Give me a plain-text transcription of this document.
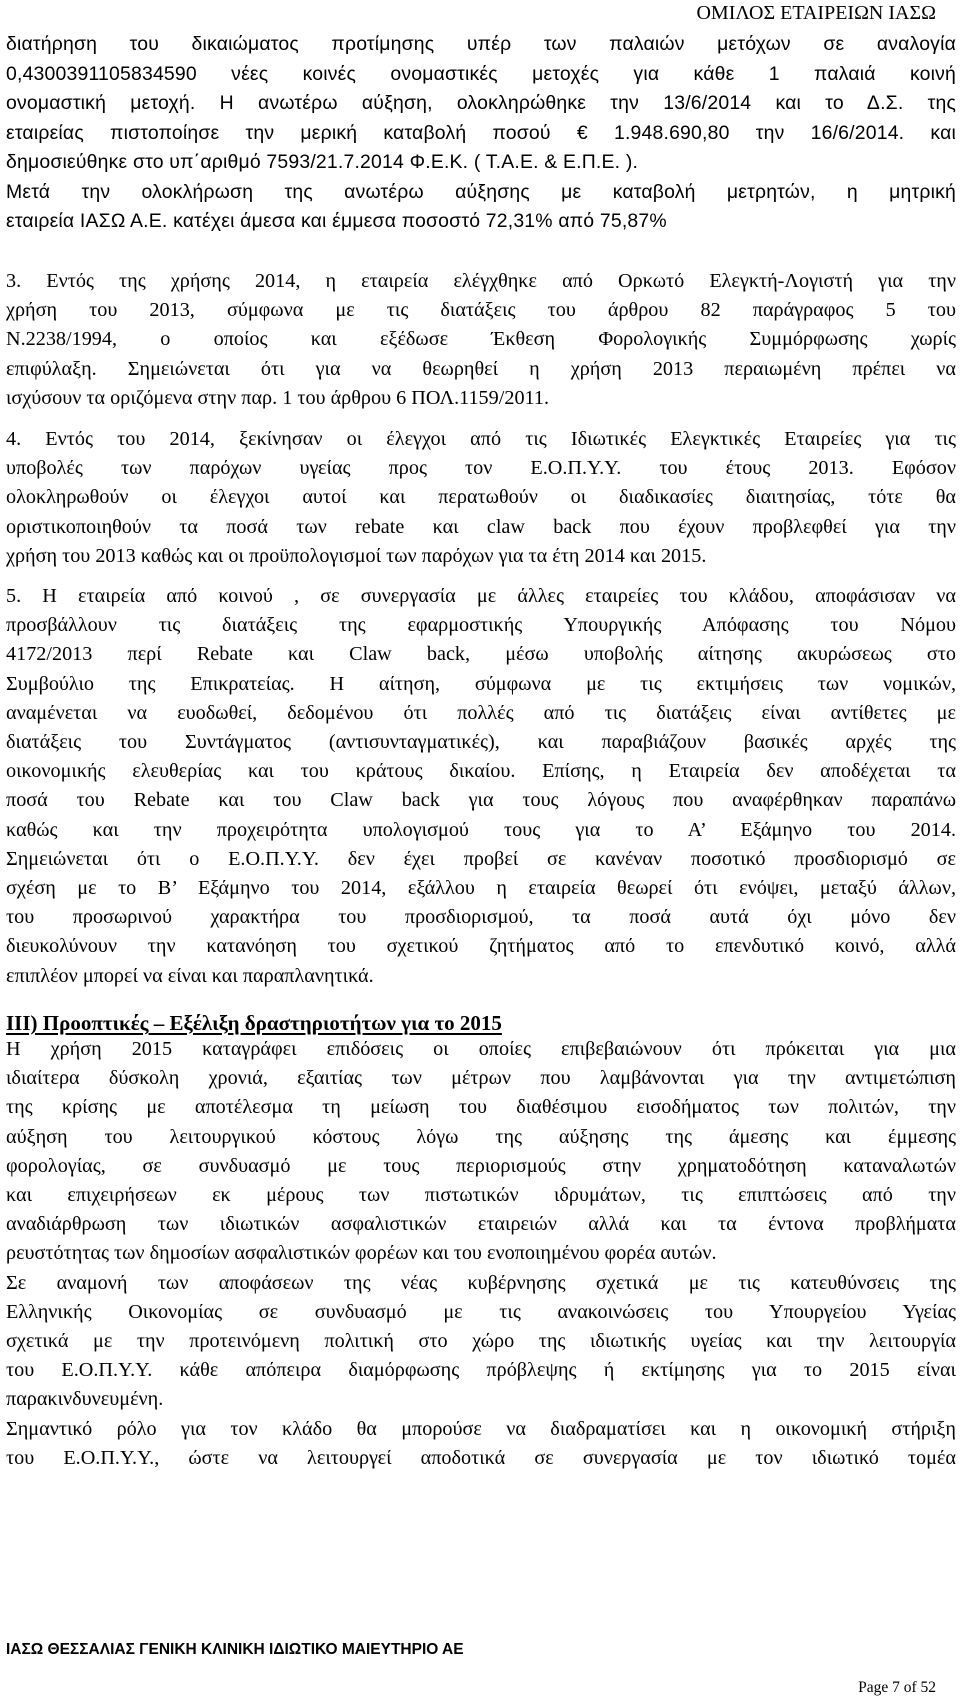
ΟΜΙΛΟΣ ΕΤΑΙΡΕΙΩΝ ΙΑΣΩ
διατήρηση του δικαιώματος προτίμησης υπέρ των παλαιών μετόχων σε αναλογία
0,4300391105834590 νέες κοινές ονομαστικές μετοχές για κάθε 1 παλαιά κοινή
ονομαστική μετοχή. Η ανωτέρω αύξηση, ολοκληρώθηκε την 13/6/2014 και το Δ.Σ. της
εταιρείας πιστοποίησε την μερική καταβολή ποσού € 1.948.690,80 την 16/6/2014. και
δημοσιεύθηκε στο υπ΄αριθμό 7593/21.7.2014 Φ.Ε.Κ. ( Τ.Α.Ε. & Ε.Π.Ε. ).
Μετά την ολοκλήρωση της ανωτέρω αύξησης με καταβολή μετρητών, η μητρική
εταιρεία ΙΑΣΩ Α.Ε. κατέχει άμεσα και έμμεσα ποσοστό 72,31% από 75,87%
3. Εντός της χρήσης 2014, η εταιρεία ελέγχθηκε από Ορκωτό Ελεγκτή-Λογιστή για την
χρήση του 2013, σύμφωνα με τις διατάξεις του άρθρου 82 παράγραφος 5 του
Ν.2238/1994, ο οποίος και εξέδωσε Έκθεση Φορολογικής Συμμόρφωσης χωρίς
επιφύλαξη. Σημειώνεται ότι για να θεωρηθεί η χρήση 2013 περαιωμένη πρέπει να
ισχύσουν τα οριζόμενα στην παρ. 1 του άρθρου 6 ΠΟΛ.1159/2011.
4. Εντός του 2014, ξεκίνησαν οι έλεγχοι από τις Ιδιωτικές Ελεγκτικές Εταιρείες για τις
υποβολές των παρόχων υγείας προς τον Ε.Ο.Π.Υ.Υ. του έτους 2013. Εφόσον
ολοκληρωθούν οι έλεγχοι αυτοί και περατωθούν οι διαδικασίες διαιτησίας, τότε θα
οριστικοποιηθούν τα ποσά των rebate και claw back που έχουν προβλεφθεί για την
χρήση του 2013 καθώς και οι προϋπολογισμοί των παρόχων για τα έτη 2014 και 2015.
5. Η εταιρεία από κοινού , σε συνεργασία με άλλες εταιρείες του κλάδου, αποφάσισαν να
προσβάλλουν τις διατάξεις της εφαρμοστικής Υπουργικής Απόφασης του Νόμου
4172/2013 περί Rebate και Claw back, μέσω υποβολής αίτησης ακυρώσεως στο
Συμβούλιο της Επικρατείας. Η αίτηση, σύμφωνα με τις εκτιμήσεις των νομικών,
αναμένεται να ευοδωθεί, δεδομένου ότι πολλές από τις διατάξεις είναι αντίθετες με
διατάξεις του Συντάγματος (αντισυνταγματικές), και παραβιάζουν βασικές αρχές της
οικονομικής ελευθερίας και του κράτους δικαίου. Επίσης, η Εταιρεία δεν αποδέχεται τα
ποσά του Rebate και του Claw back για τους λόγους που αναφέρθηκαν παραπάνω
καθώς και την προχειρότητα υπολογισμού τους για το Α’ Εξάμηνο του 2014.
Σημειώνεται ότι ο Ε.Ο.Π.Υ.Υ. δεν έχει προβεί σε κανέναν ποσοτικό προσδιορισμό σε
σχέση με το Β’ Εξάμηνο του 2014, εξάλλου η εταιρεία θεωρεί ότι ενόψει, μεταξύ άλλων,
του προσωρινού χαρακτήρα του προσδιορισμού, τα ποσά αυτά όχι μόνο δεν
διευκολύνουν την κατανόηση του σχετικού ζητήματος από το επενδυτικό κοινό, αλλά
επιπλέον μπορεί να είναι και παραπλανητικά.
ΙΙΙ) Προοπτικές – Εξέλιξη δραστηριοτήτων για το 2015
Η χρήση 2015 καταγράφει επιδόσεις οι οποίες επιβεβαιώνουν ότι πρόκειται για μια
ιδιαίτερα δύσκολη χρονιά, εξαιτίας των μέτρων που λαμβάνονται για την αντιμετώπιση
της κρίσης με αποτέλεσμα τη μείωση του διαθέσιμου εισοδήματος των πολιτών, την
αύξηση του λειτουργικού κόστους λόγω της αύξησης της άμεσης και έμμεσης
φορολογίας, σε συνδυασμό με τους περιορισμούς στην χρηματοδότηση καταναλωτών
και επιχειρήσεων εκ μέρους των πιστωτικών ιδρυμάτων, τις επιπτώσεις από την
αναδιάρθρωση των ιδιωτικών ασφαλιστικών εταιρειών αλλά και τα έντονα προβλήματα
ρευστότητας των δημοσίων ασφαλιστικών φορέων και του ενοποιημένου φορέα αυτών.
Σε αναμονή των αποφάσεων της νέας κυβέρνησης σχετικά με τις κατευθύνσεις της
Ελληνικής Οικονομίας σε συνδυασμό με τις ανακοινώσεις του Υπουργείου Υγείας
σχετικά με την προτεινόμενη πολιτική στο χώρο της ιδιωτικής υγείας και την λειτουργία
του Ε.Ο.Π.Υ.Υ. κάθε απόπειρα διαμόρφωσης πρόβλεψης ή εκτίμησης για το 2015 είναι
παρακινδυνευμένη.
Σημαντικό ρόλο για τον κλάδο θα μπορούσε να διαδραματίσει και η οικονομική στήριξη
του Ε.Ο.Π.Υ.Υ., ώστε να λειτουργεί αποδοτικά σε συνεργασία με τον ιδιωτικό τομέα
ΙΑΣΩ ΘΕΣΣΑΛΙΑΣ ΓΕΝΙΚΗ ΚΛΙΝΙΚΗ ΙΔΙΩΤΙΚΟ ΜΑΙΕΥΤΗΡΙΟ ΑΕ
Page 7 of 52
